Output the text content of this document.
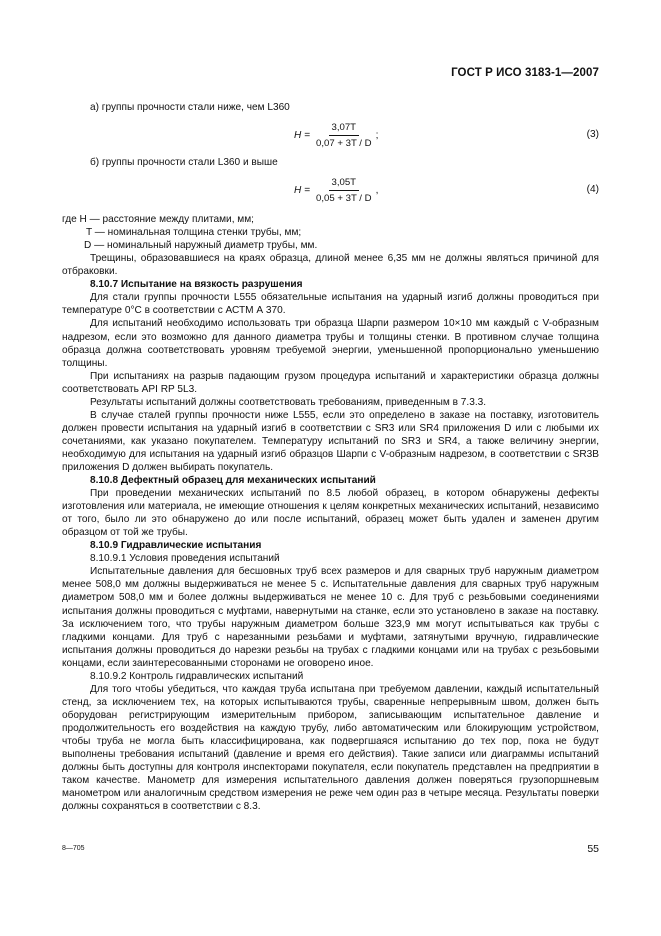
ГОСТ Р ИСО 3183-1—2007

а) группы прочности стали ниже, чем L360

$H = \frac{3,07T}{0,07 + 3T / D}$ ;	(3)

б) группы прочности стали L360 и выше

$H = \frac{3,05T}{0,05 + 3T / D}$ ,	(4)

где H — расстояние между плитами, мм;

T — номинальная толщина стенки трубы, мм;

D — номинальный наружный диаметр трубы, мм.

Трещины, образовавшиеся на краях образца, длиной менее 6,35 мм не должны являться причиной для отбраковки.

8.10.7 Испытание на вязкость разрушения

Для стали группы прочности L555 обязательные испытания на ударный изгиб должны проводиться при температуре 0°С в соответствии с АСТМ А 370.

Для испытаний необходимо использовать три образца Шарпи размером 10×10 мм каждый с V-образным надрезом, если это возможно для данного диаметра трубы и толщины стенки. В противном случае толщина образца должна соответствовать уровням требуемой энергии, уменьшенной пропорционально уменьшению толщины.

При испытаниях на разрыв падающим грузом процедура испытаний и характеристики образца должны соответствовать API RP 5L3.

Результаты испытаний должны соответствовать требованиям, приведенным в 7.3.3.

В случае сталей группы прочности ниже L555, если это определено в заказе на поставку, изготовитель должен провести испытания на ударный изгиб в соответствии с SR3 или SR4 приложения D или с любыми их сочетаниями, как указано покупателем. Температуру испытаний по SR3 и SR4, а также величину энергии, необходимую для испытания на ударный изгиб образцов Шарпи с V-образным надрезом, в соответствии с SR3B приложения D должен выбирать покупатель.

8.10.8 Дефектный образец для механических испытаний

При проведении механических испытаний по 8.5 любой образец, в котором обнаружены дефекты изготовления или материала, не имеющие отношения к целям конкретных механических испытаний, независимо от того, было ли это обнаружено до или после испытаний, образец может быть удален и заменен другим образцом от той же трубы.

8.10.9 Гидравлические испытания

8.10.9.1 Условия проведения испытаний

Испытательные давления для бесшовных труб всех размеров и для сварных труб наружным диаметром менее 508,0 мм должны выдерживаться не менее 5 с. Испытательные давления для сварных труб наружным диаметром 508,0 мм и более должны выдерживаться не менее 10 с. Для труб с резьбовыми соединениями испытания должны проводиться с муфтами, навернутыми на станке, если это установлено в заказе на поставку. За исключением того, что трубы наружным диаметром больше 323,9 мм могут испытываться как трубы с гладкими концами. Для труб с нарезанными резьбами и муфтами, затянутыми вручную, гидравлические испытания должны проводиться до нарезки резьбы на трубах с гладкими концами или на трубах с резьбовыми концами, если заинтересованными сторонами не оговорено иное.

8.10.9.2 Контроль гидравлических испытаний

Для того чтобы убедиться, что каждая труба испытана при требуемом давлении, каждый испытательный стенд, за исключением тех, на которых испытываются трубы, сваренные непрерывным швом, должен быть оборудован регистрирующим измерительным прибором, записывающим испытательное давление и продолжительность его воздействия на каждую трубу, либо автоматическим или блокирующим устройством, чтобы труба не могла быть классифицирована, как подвергшаяся испытанию до тех пор, пока не будут выполнены требования испытаний (давление и время его действия). Такие записи или диаграммы испытаний должны быть доступны для контроля инспекторами покупателя, если покупатель представлен на предприятии в таком качестве. Манометр для измерения испытательного давления должен поверяться грузопоршневым манометром или аналогичным средством измерения не реже чем один раз в четыре месяца. Результаты поверки должны сохраняться в соответствии с 8.3.

8—705	55
